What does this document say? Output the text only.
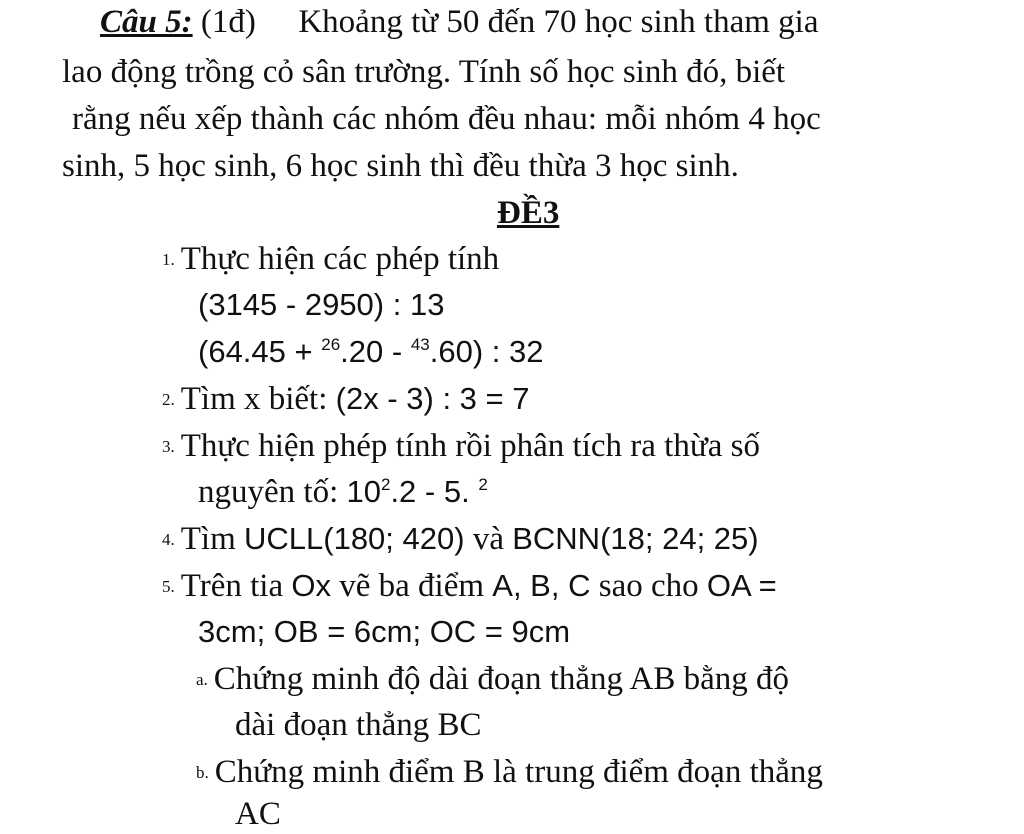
Câu 5: (1đ) Khoảng từ 50 đến 70 học sinh tham gia
lao động trồng cỏ sân trường. Tính số học sinh đó, biết
rằng nếu xếp thành các nhóm đều nhau: mỗi nhóm 4 học
sinh, 5 học sinh, 6 học sinh thì đều thừa 3 học sinh.
ĐỀ3
1. Thực hiện các phép tính
(3145 - 2950) : 13
(64.45 + $^{26}$.20 - $^{43}$.60) : 32
2. Tìm x biết: (2x - 3) : 3 = 7
3. Thực hiện phép tính rồi phân tích ra thừa số
nguyên tố: $10^2.2 - 5$. $^2$
4. Tìm UCLL(180; 420) và BCNN(18; 24; 25)
5. Trên tia Ox vẽ ba điểm A, B, C sao cho OA =
3cm; OB = 6cm; OC = 9cm
a. Chứng minh độ dài đoạn thẳng AB bằng độ
dài đoạn thẳng BC
b. Chứng minh điểm B là trung điểm đoạn thẳng
AC
